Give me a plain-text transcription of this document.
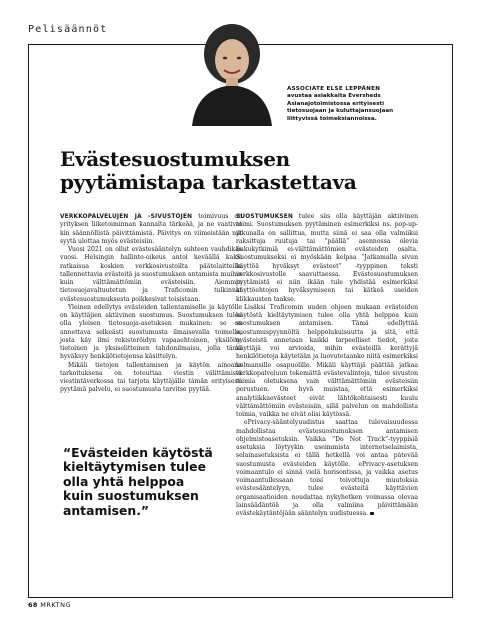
Pelisäännöt
ASSOCIATE ELSE LEPPÄNEN
avustaa asiakkaita Eversheds Asianajotoimistossa erityisesti tietosuojaan ja kuluttajansuojaan liittyvissä toimeksiannoissa.
Evästesuostumuksen pyytämistapa tarkastettava

VERKKOPALVELUJEN JA -SIVUSTOJEN toimivuus on yrityksen liiketoiminnan kannalta tärkeää, ja ne vaativat kin säännöllistä päivittämistä. Päivitys on viimeistään nyt syytä ulottaa myös evästeisiin.

Vuosi 2021 on ollut evästesääntelyn suhteen vauhdikas vuosi. Helsingin hallinto-oikeus antoi keväällä kaksi ratkaisua koskien verkkosivustoilta päätelaitteille tallennettavia evästeitä ja suostumuksen antamista muihin kuin välttämättömiin evästeisiin. Aiemmin tietosuojavaltuutetun ja Traficomin tulkinnat evästesuostumuksesta poikkesivat toisistaan.

Yleinen edellytys evästeiden tallentamiselle ja käytölle on käyttäjien aktiivinen suostumus. Suostumuksen tulee olla yleisen tietosuoja-asetuksen mukainen: se on annettava selkeästi suostumusta ilmaisevalla toimella, josta käy ilmi rekisteröidyn vapaaehtoinen, yksilöity, tietoinen ja yksiselitteinen tahdonilmaisu, jolla tämä hyväksyy henkilötietojensa käsittelyn.

Mikäli tietojen tallentamisen ja käytön ainoana tarkoituksena on toteuttaa viestin välittämistä viestintäverkossa tai tarjota käyttäjälle tämän erityisesti pyytämä palvelu, ei suostumusta tarvitse pyytää.

“Evästeiden käytöstä kieltäytymisen tulee olla yhtä helppoa kuin suostumuksen antamisen.”

SUOSTUMUKSEN tulee siis olla käyttäjän aktiivinen toimi. Suostumuksen pyytäminen esimerkiksi ns. pop-up-ikkunalla on sallittua, mutta siinä ei saa olla valmiiksi raksittuja ruutuja tai “päällä” asennossa olevia liukukytkimiä ei-välttämättömien evästeiden osalta. Suostumukseksi ei myöskään kelpaa “Jatkamalla sivun käyttöä hyväksyt evästeet” -tyyppinen teksti verkkosivustolle saavuttaessa. Evästesuostumuksen pyytämistä ei niin ikään tule yhdistää esimerkiksi käyttöehtojen hyväksymiseen tai kätkeä useiden klikkausten taakse.

Lisäksi Traficomin uuden ohjeen mukaan evästeiden käytöstä kieltäytymisen tulee olla yhtä helppoa kuin suostumuksen antamisen. Tämä edellyttää suostumuspyynnöltä helppolukuisuutta ja sitä, että evästeistä annetaan kaikki tarpeelliset tiedot, joita käyttäjä voi arvioida, mihin evästeillä kerättyjä henkilötietoja käytetään ja luovutetaanko niitä esimerkiksi kolmansille osapuolille. Mikäli käyttäjä päättää jatkaa verkkopalveluun tekemättä evästevalintoja, tulee sivuston toimia oletuksena vain välttämättömiin evästeisiin perustuen. On hyvä muistaa, että esimerkiksi analytiikkaevästeet eivät lähtökohtaisesti kuulu välttämättömiin evästeisiin, sillä palvelun on mahdollista toimia, vaikka ne eivät olisi käytössä.

ePrivacy-sääntelyuudistus saattaa tulevaisuudessa mahdollistaa evästesuostumuksen antamisen ohjelmistoasetuksin. Vaikka “Do Not Track”-tyyppisiä asetuksia löytyykin useimmista internetselaimista, selainasetuksista ei tällä hetkellä voi antaa pätevää suostumusta evästeiden käytölle. ePrivacy-asetuksen voimaantulo ei sinnä vielä horisontissa, ja vaikka asetus voimaantullessaan toisi toivottuja muutoksia evästesääntelyyn, tulee evästeitä käyttävien organisaatioiden noudattaa nykyhetken voimassa olevaa lainsäädäntöä ja olla valmiina päivittämään evästekäytäntöjään sääntelyn uudistuessa.

68 MRKTNG
